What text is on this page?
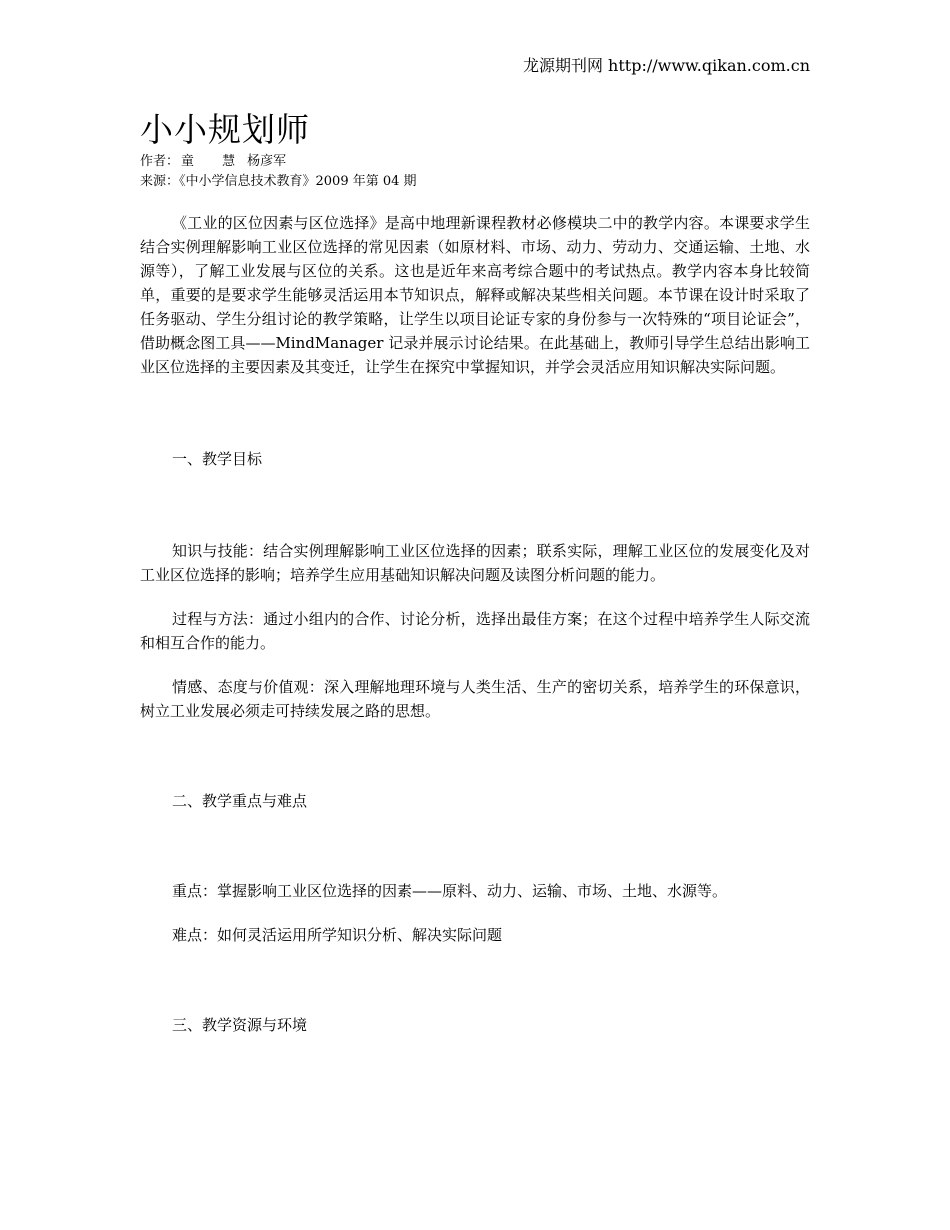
龙源期刊网 http://www.qikan.com.cn
小小规划师

作者： 童 慧杨彦军

来源：《中小学信息技术教育》2009 年第 04 期

《工业的区位因素与区位选择》是高中地理新课程教材必修模块二中的教学内容。本课要求学生结合实例理解影响工业区位选择的常见因素（如原材料、市场、动力、劳动力、交通运输、土地、水源等），了解工业发展与区位的关系。这也是近年来高考综合题中的考试热点。教学内容本身比较简单，重要的是要求学生能够灵活运用本节知识点，解释或解决某些相关问题。本节课在设计时采取了任务驱动、学生分组讨论的教学策略，让学生以项目论证专家的身份参与一次特殊的“项目论证会”，借助概念图工具——MindManager 记录并展示讨论结果。在此基础上，教师引导学生总结出影响工业区位选择的主要因素及其变迁，让学生在探究中掌握知识，并学会灵活应用知识解决实际问题。

一、教学目标

知识与技能：结合实例理解影响工业区位选择的因素；联系实际，理解工业区位的发展变化及对工业区位选择的影响；培养学生应用基础知识解决问题及读图分析问题的能力。

过程与方法：通过小组内的合作、讨论分析，选择出最佳方案；在这个过程中培养学生人际交流和相互合作的能力。

情感、态度与价值观：深入理解地理环境与人类生活、生产的密切关系，培养学生的环保意识，树立工业发展必须走可持续发展之路的思想。

二、教学重点与难点

重点：掌握影响工业区位选择的因素——原料、动力、运输、市场、土地、水源等。

难点：如何灵活运用所学知识分析、解决实际问题

三、教学资源与环境
